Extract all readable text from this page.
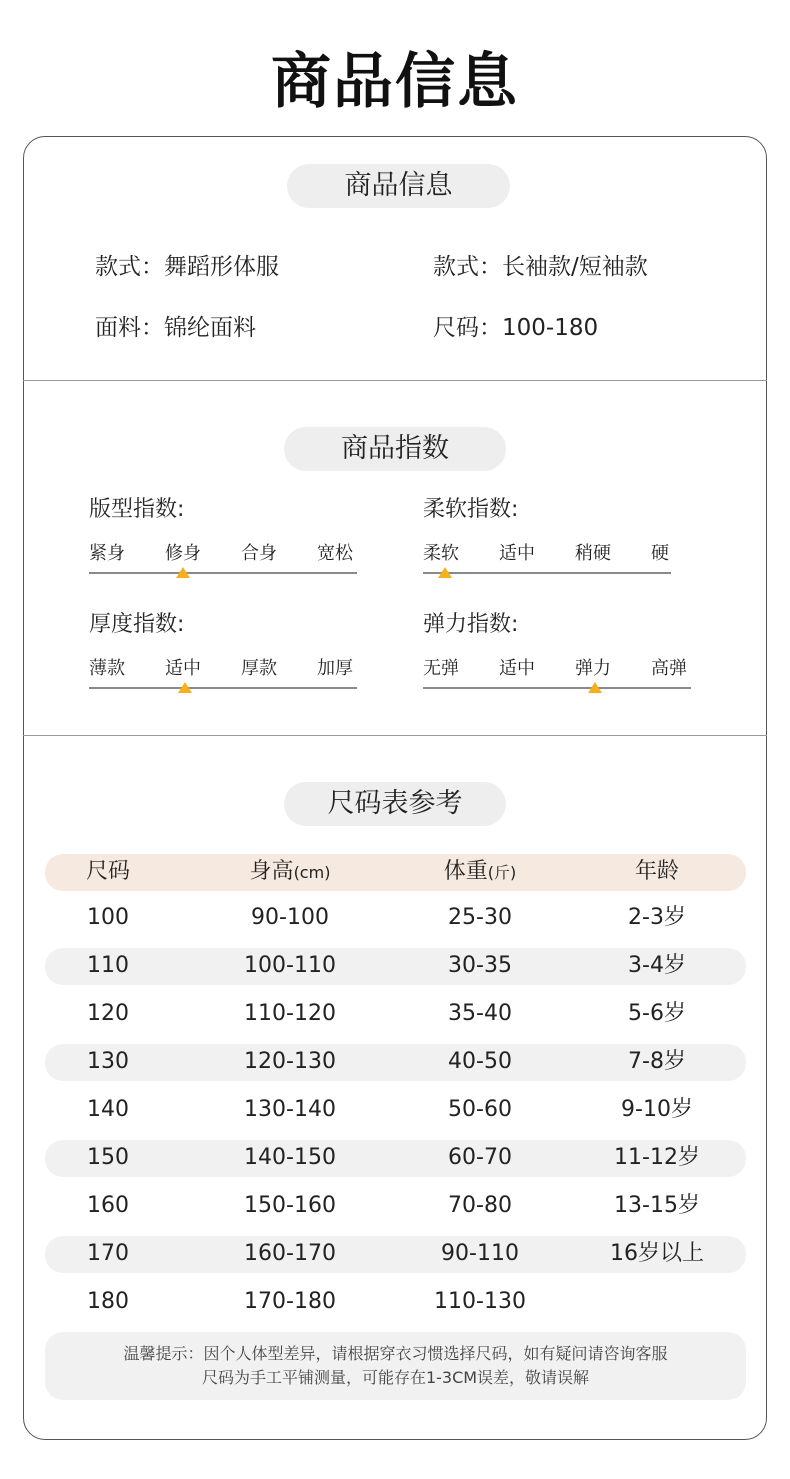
商品信息
商品信息
款式：舞蹈形体服	款式：长袖款/短袖款
面料：锦纶面料	尺码：100-180
商品指数
版型指数:
紧身 修身 合身 宽松
柔软指数:
柔软 适中 稍硬 硬
厚度指数:
薄款 适中 厚款 加厚
弹力指数:
无弹 适中 弹力 高弹
尺码表参考
尺码	身高(cm)	体重(斤)	年龄
100	90-100	25-30	2-3岁
110	100-110	30-35	3-4岁
120	110-120	35-40	5-6岁
130	120-130	40-50	7-8岁
140	130-140	50-60	9-10岁
150	140-150	60-70	11-12岁
160	150-160	70-80	13-15岁
170	160-170	90-110	16岁以上
180	170-180	110-130
温馨提示：因个人体型差异，请根据穿衣习惯选择尺码，如有疑问请咨询客服
尺码为手工平铺测量，可能存在1-3CM误差，敬请误解
